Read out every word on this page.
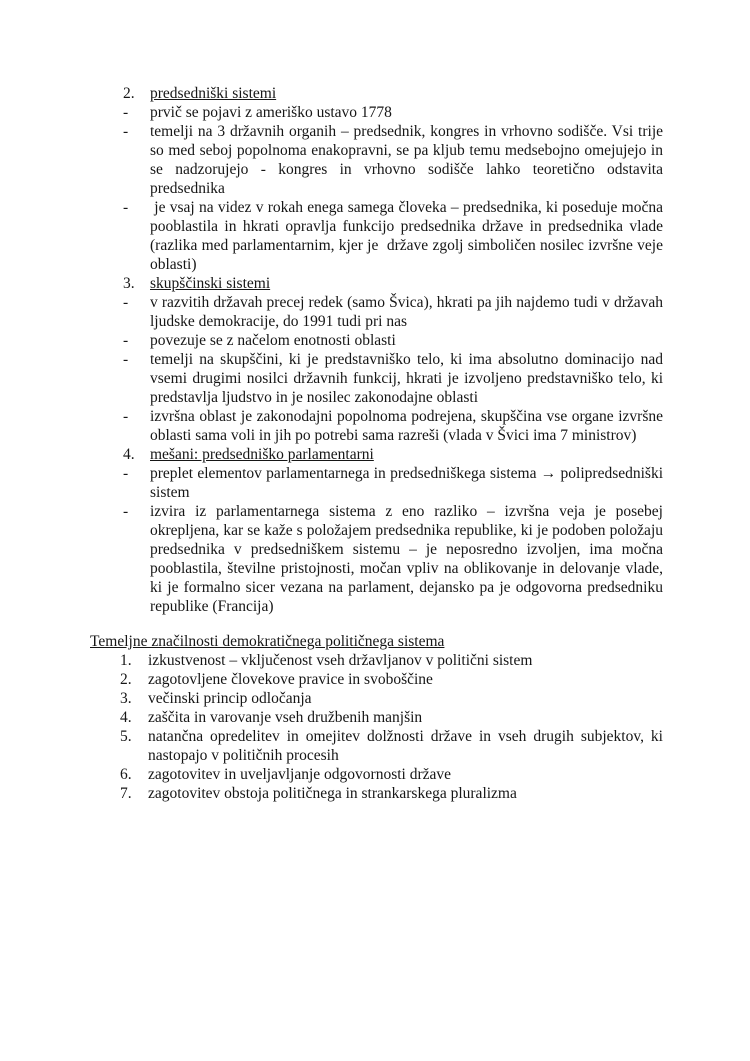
2. predsedniški sistemi
- prvič se pojavi z ameriško ustavo 1778
- temelji na 3 državnih organih – predsednik, kongres in vrhovno sodišče. Vsi trije so med seboj popolnoma enakopravni, se pa kljub temu medsebojno omejujejo in se nadzorujejo - kongres in vrhovno sodišče lahko teoretično odstavita predsednika
- je vsaj na videz v rokah enega samega človeka – predsednika, ki poseduje močna pooblastila in hkrati opravlja funkcijo predsednika države in predsednika vlade (razlika med parlamentarnim, kjer je  države zgolj simboličen nosilec izvršne veje oblasti)
3. skupščinski sistemi
- v razvitih državah precej redek (samo Švica), hkrati pa jih najdemo tudi v državah ljudske demokracije, do 1991 tudi pri nas
- povezuje se z načelom enotnosti oblasti
- temelji na skupščini, ki je predstavniško telo, ki ima absolutno dominacijo nad vsemi drugimi nosilci državnih funkcij, hkrati je izvoljeno predstavniško telo, ki predstavlja ljudstvo in je nosilec zakonodajne oblasti
- izvršna oblast je zakonodajni popolnoma podrejena, skupščina vse organe izvršne oblasti sama voli in jih po potrebi sama razreši (vlada v Švici ima 7 ministrov)
4. mešani: predsedniško parlamentarni
- preplet elementov parlamentarnega in predsedniškega sistema → polipredsedniški sistem
- izvira iz parlamentarnega sistema z eno razliko – izvršna veja je posebej okrepljena, kar se kaže s položajem predsednika republike, ki je podoben položaju predsednika v predsedniškem sistemu – je neposredno izvoljen, ima močna pooblastila, številne pristojnosti, močan vpliv na oblikovanje in delovanje vlade, ki je formalno sicer vezana na parlament, dejansko pa je odgovorna predsedniku republike (Francija)
Temeljne značilnosti demokratičnega političnega sistema
1. izkustvenost – vključenost vseh državljanov v politični sistem
2. zagotovljene človekove pravice in svoboščine
3. večinski princip odločanja
4. zaščita in varovanje vseh družbenih manjšin
5. natančna opredelitev in omejitev dolžnosti države in vseh drugih subjektov, ki nastopajo v političnih procesih
6. zagotovitev in uveljavljanje odgovornosti države
7. zagotovitev obstoja političnega in strankarskega pluralizma
